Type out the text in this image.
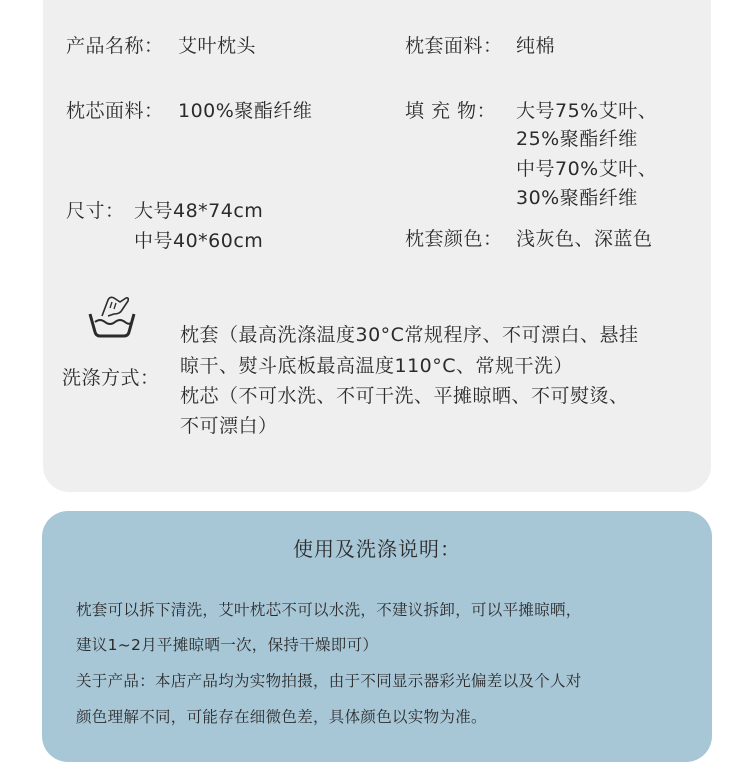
产品名称： 艾叶枕头	枕套面料： 纯棉
枕芯面料： 100%聚酯纤维	填 充 物： 大号75%艾叶、
25%聚酯纤维
中号70%艾叶、
30%聚酯纤维
尺寸： 大号48*74cm
中号40*60cm	枕套颜色： 浅灰色、深蓝色
洗涤方式：
枕套（最高洗涤温度30°C常规程序、不可漂白、悬挂
晾干、熨斗底板最高温度110°C、常规干洗）
枕芯（不可水洗、不可干洗、平摊晾晒、不可熨烫、
不可漂白）
使用及洗涤说明：
枕套可以拆下清洗，艾叶枕芯不可以水洗，不建议拆卸，可以平摊晾晒，
建议1~2月平摊晾晒一次，保持干燥即可）
关于产品：本店产品均为实物拍摄，由于不同显示器彩光偏差以及个人对
颜色理解不同，可能存在细微色差，具体颜色以实物为准。
